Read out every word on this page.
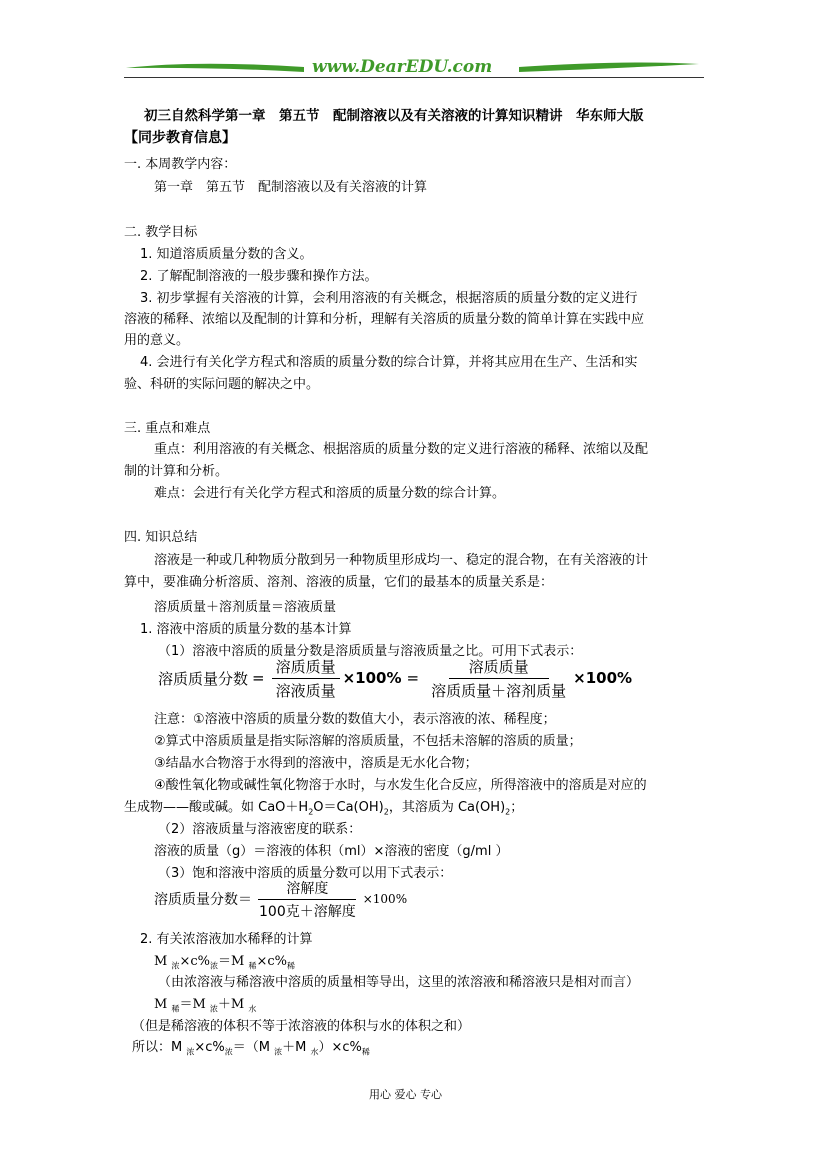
www.DearEDU.com
初三自然科学第一章　第五节　配制溶液以及有关溶液的计算知识精讲　华东师大版
【同步教育信息】
一. 本周教学内容：
第一章　第五节　配制溶液以及有关溶液的计算
二. 教学目标
1. 知道溶质质量分数的含义。
2. 了解配制溶液的一般步骤和操作方法。
3. 初步掌握有关溶液的计算，会利用溶液的有关概念，根据溶质的质量分数的定义进行
溶液的稀释、浓缩以及配制的计算和分析，理解有关溶质的质量分数的简单计算在实践中应
用的意义。
4. 会进行有关化学方程式和溶质的质量分数的综合计算，并将其应用在生产、生活和实
验、科研的实际问题的解决之中。
三. 重点和难点
重点：利用溶液的有关概念、根据溶质的质量分数的定义进行溶液的稀释、浓缩以及配
制的计算和分析。
难点：会进行有关化学方程式和溶质的质量分数的综合计算。
四. 知识总结
溶液是一种或几种物质分散到另一种物质里形成均一、稳定的混合物，在有关溶液的计
算中，要准确分析溶质、溶剂、溶液的质量，它们的最基本的质量关系是：
溶质质量＋溶剂质量＝溶液质量
1. 溶液中溶质的质量分数的基本计算
（1）溶液中溶质的质量分数是溶质质量与溶液质量之比。可用下式表示：
溶质质量分数 = $\frac{\text{溶质质量}}{\text{溶液质量}} \times 100\% = \frac{\text{溶质质量}}{\text{溶质质量＋溶剂质量}} \times 100\%$
注意：①溶液中溶质的质量分数的数值大小，表示溶液的浓、稀程度；
②算式中溶质质量是指实际溶解的溶质质量，不包括未溶解的溶质的质量；
③结晶水合物溶于水得到的溶液中，溶质是无水化合物；
④酸性氧化物或碱性氧化物溶于水时，与水发生化合反应，所得溶液中的溶质是对应的
生成物——酸或碱。如 $CaO+H_2O=Ca(OH)_2$，其溶质为 $Ca(OH)_2$；
（2）溶液质量与溶液密度的联系：
溶液的质量（g）＝溶液的体积（ml）×溶液的密度（g/ml ）
（3）饱和溶液中溶质的质量分数可以用下式表示：
溶质质量分数＝ $\frac{\text{溶解度}}{\text{100克＋溶解度}} \times 100\%$
2. 有关浓溶液加水稀释的计算
M $_浓\times c\%_浓=M$ $_稀\times c\%_稀$
（由浓溶液与稀溶液中溶质的质量相等导出，这里的浓溶液和稀溶液只是相对而言）
M $_稀$＝M $_浓$＋M $_水$
（但是稀溶液的体积不等于浓溶液的体积与水的体积之和）
所以：M $_浓\times c\%_浓=(M$ $_浓$＋M $_水)\times c\%_稀$
用心 爱心 专心
